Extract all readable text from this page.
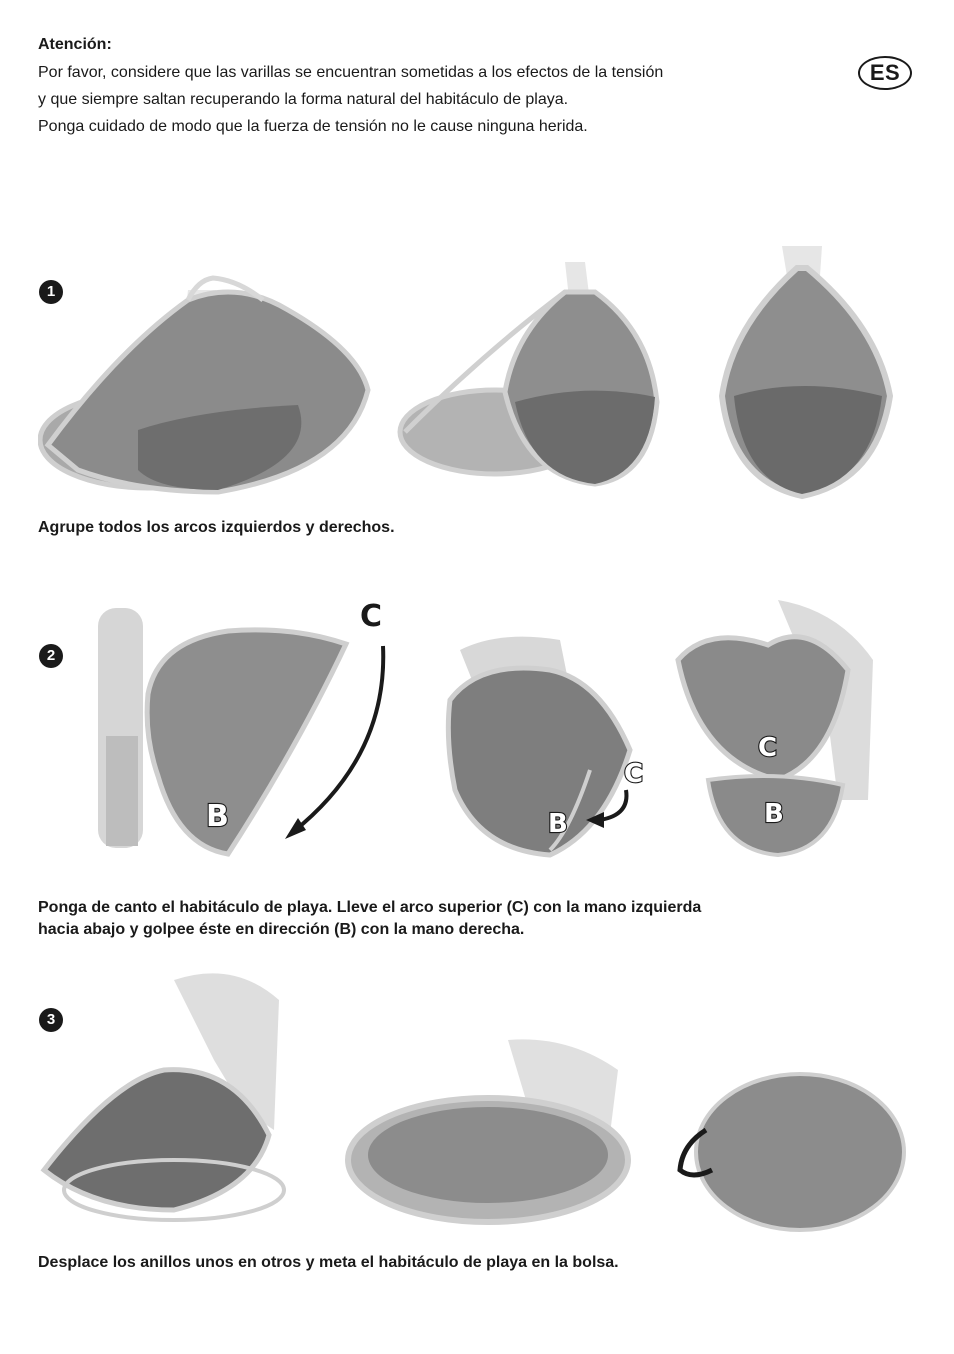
Atención:
Por favor, considere que las varillas se encuentran sometidas a los efectos de la tensión
y que siempre saltan recuperando la forma natural del habitáculo de playa.
Ponga cuidado de modo que la fuerza de tensión no le cause ninguna herida.
ES
1
Agrupe todos los arcos izquierdos y derechos.
2
C
B
C
B
C
B
Ponga de canto el habitáculo de playa. Lleve el arco superior (C) con la mano izquierda
hacia abajo y golpee éste en dirección (B) con la mano derecha.
3
Desplace los anillos unos en otros y meta el habitáculo de playa en la bolsa.
